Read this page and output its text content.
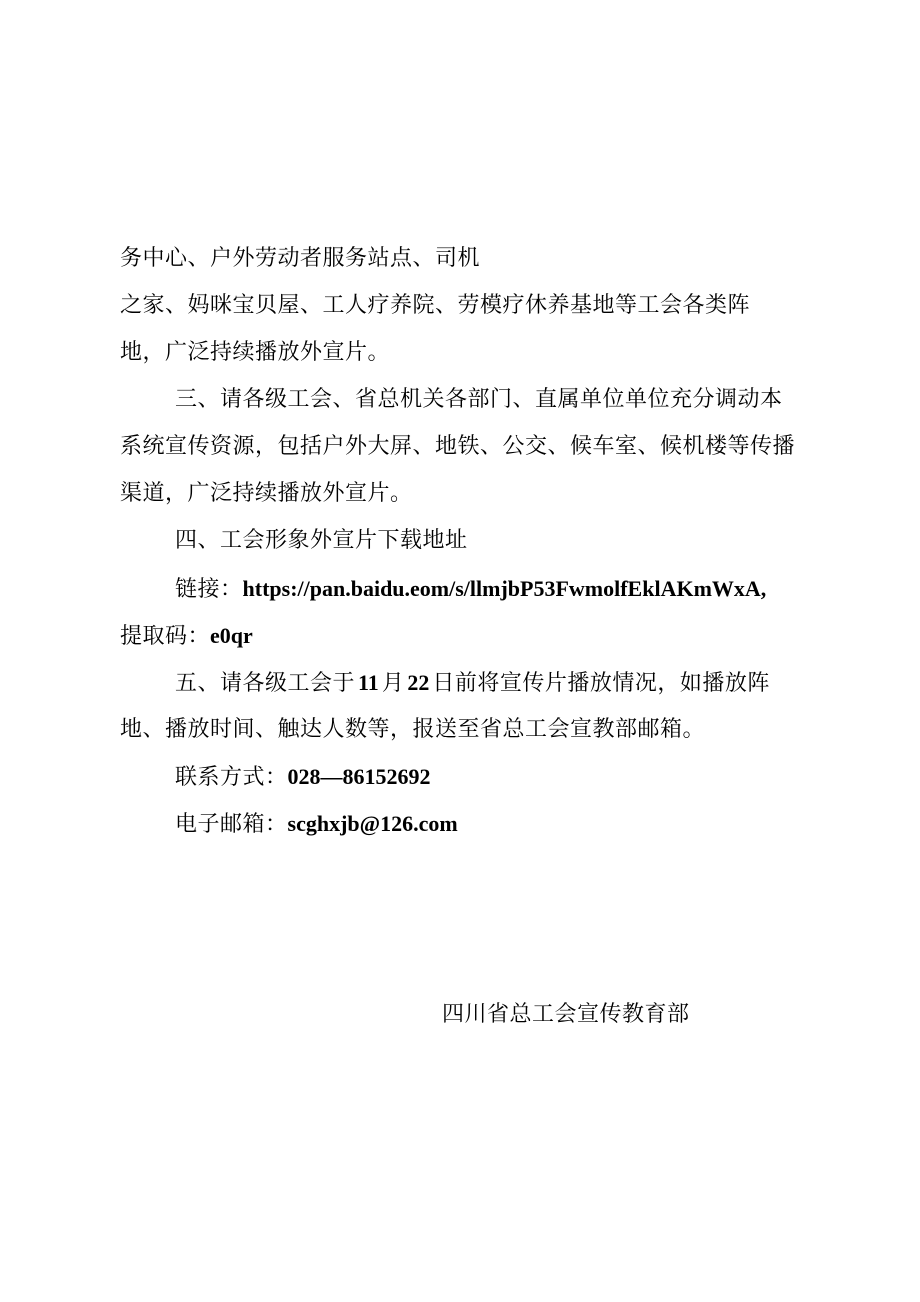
务中心、户外劳动者服务站点、司机
之家、妈咪宝贝屋、工人疗养院、劳模疗休养基地等工会各类阵
地，广泛持续播放外宣片。
三、请各级工会、省总机关各部门、直属单位单位充分调动本
系统宣传资源，包括户外大屏、地铁、公交、候车室、候机楼等传播
渠道，广泛持续播放外宣片。
四、工会形象外宣片下载地址
链接：https://pan.baidu.eom/s/llmjbP53FwmolfEklAKmWxA,
提取码：e0qr
五、请各级工会于 11 月 22 日前将宣传片播放情况，如播放阵
地、播放时间、触达人数等，报送至省总工会宣教部邮箱。
联系方式：028—86152692
电子邮箱：scghxjb@126.com
四川省总工会宣传教育部
